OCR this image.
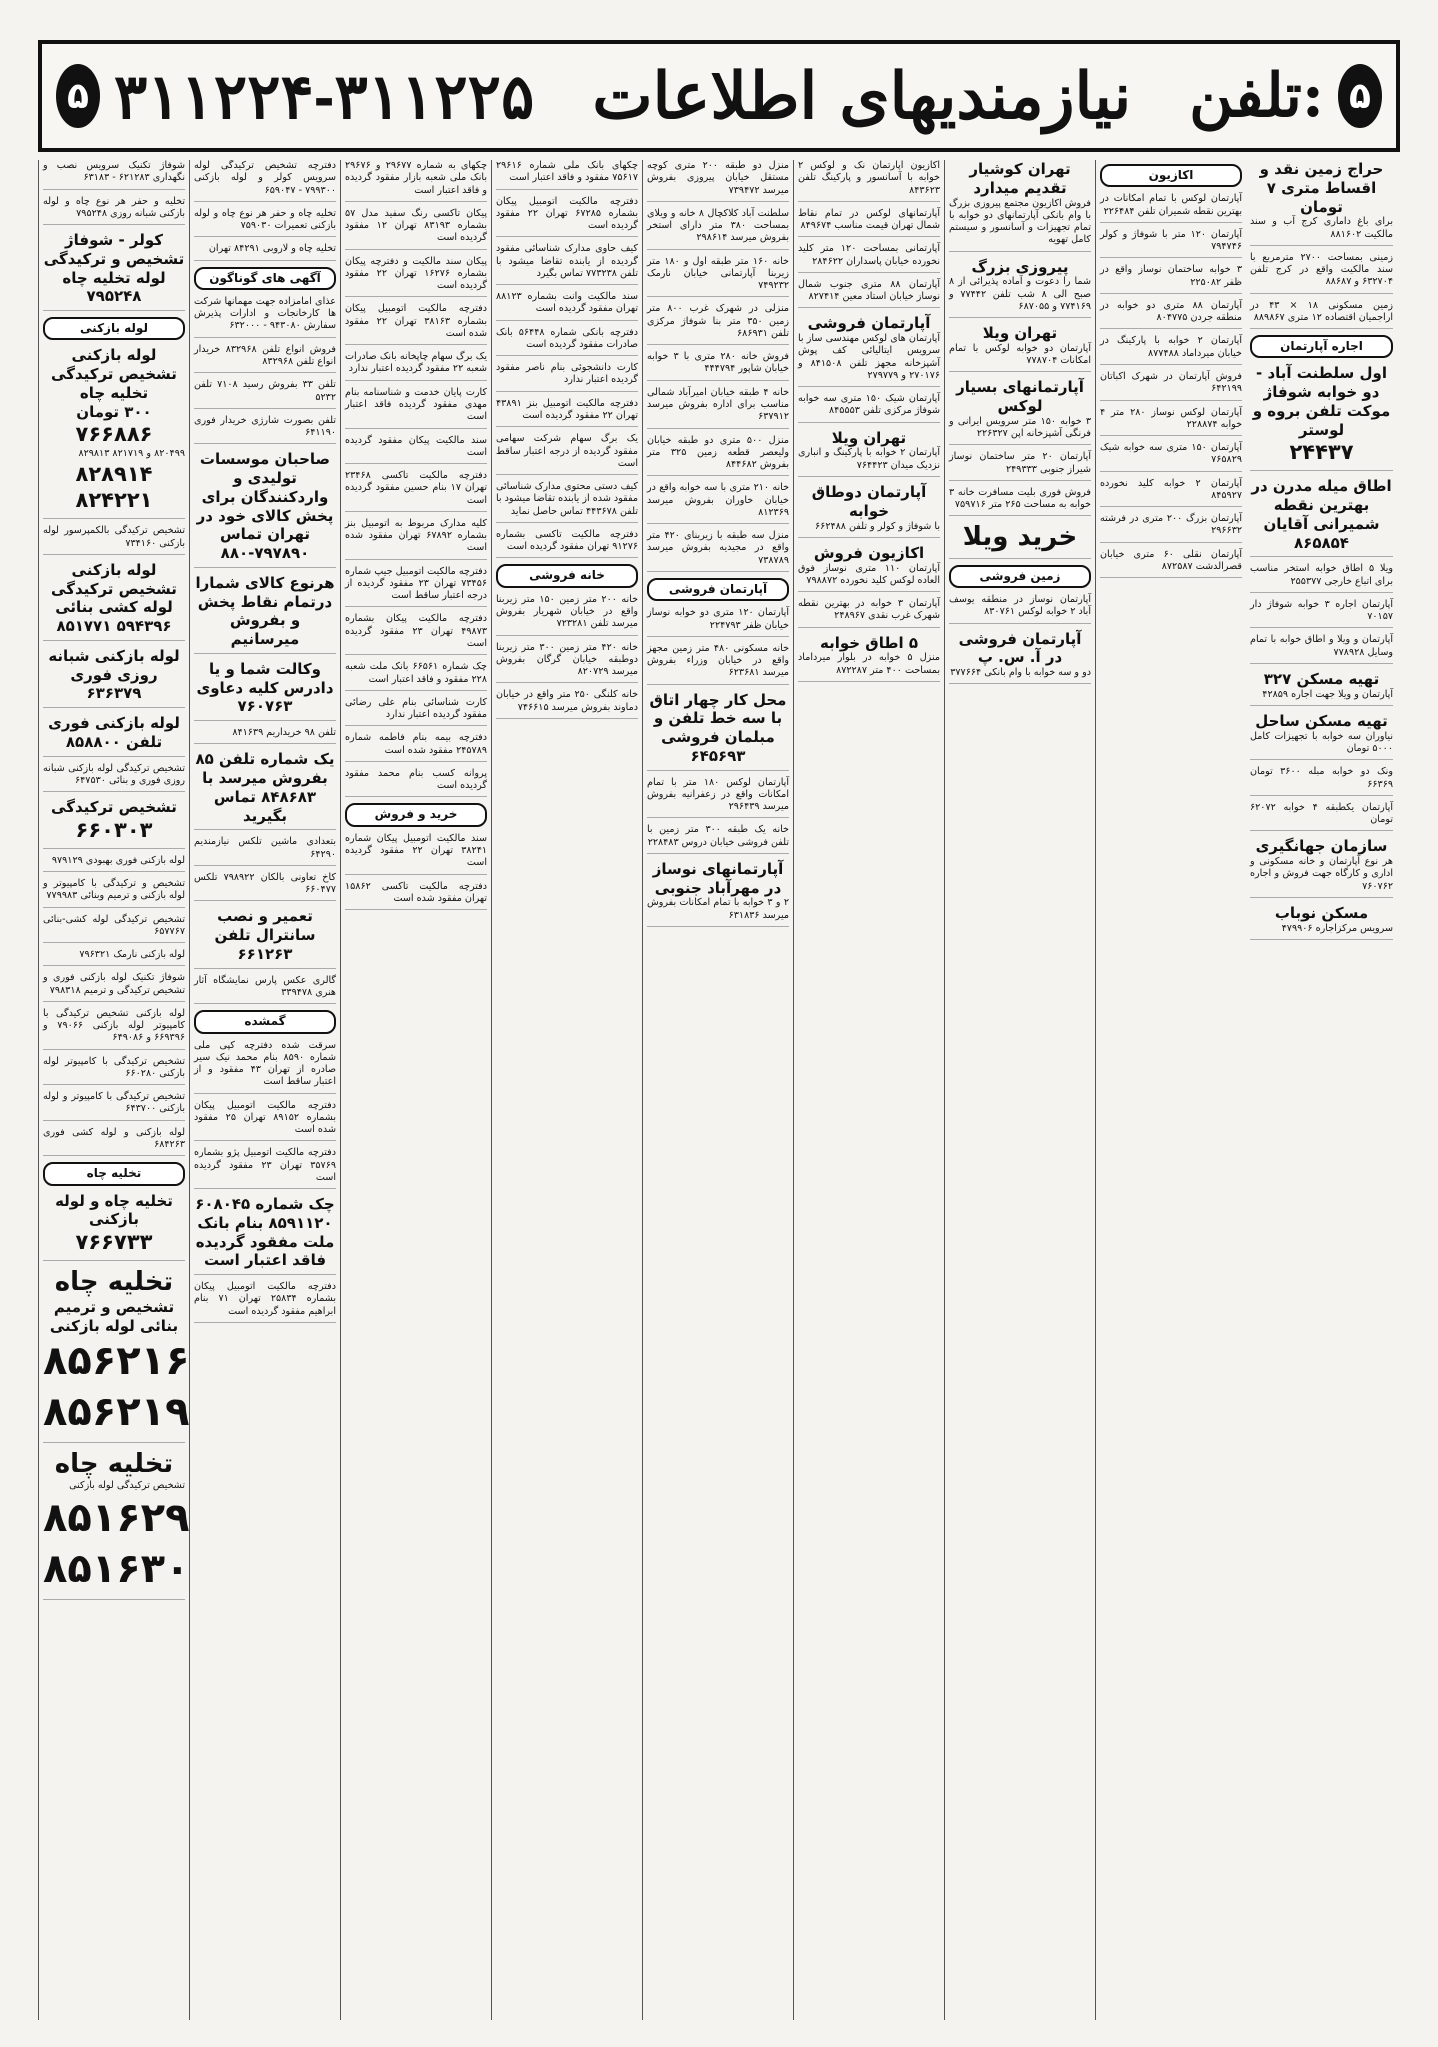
۵ ۳۱۱۲۲۴-۳۱۱۲۲۵ نیازمندیهای اطلاعات تلفن: ۵
شوفاژ تکنیک سرویس نصب و نگهداری ۶۲۱۲۸۳ - ۶۳۱۸۳
تخلیه و حفر هر نوع چاه و لوله بازکنی شبانه روزی ۷۹۵۲۴۸
کولر - شوفاژ تشخیص و ترکیدگی لوله تخلیه چاه ۷۹۵۲۴۸
لوله بازکنی
لوله بازکنی تشخیص ترکیدگی تخلیه چاه
۳۰۰ تومان
۷۶۶۸۸۶
۸۲۰۴۹۹ و ۸۲۱۷۱۹ ۸۲۹۸۱۳
۸۲۸۹۱۴
۸۲۴۲۲۱
تشخیص ترکیدگی بالکمپرسور لوله بازکنی ۷۳۴۱۶۰
لوله بازکنی تشخیص ترکیدگی لوله کشی بنائی ۵۹۴۳۹۶ ۸۵۱۷۷۱
لوله بازکنی شبانه روزی فوری ۶۳۶۳۷۹
لوله بازکنی فوری تلفن ۸۵۸۸۰۰
تشخیص ترکیدگی لوله بازکنی شبانه روزی فوری و بنائی ۶۴۷۵۳۰
تشخیص ترکیدگی
۶۶۰۳۰۳
لوله بازکنی فوری بهبودی ۹۷۹۱۲۹
تشخیص و ترکیدگی با کامپیوتر و لوله بازکنی و ترمیم وبنائی ۷۷۹۹۸۳
تشخیص ترکیدگی لوله کشی-بنائی ۶۵۷۷۶۷
لوله بازکنی نارمک ۷۹۶۳۲۱
شوفاژ تکنیک لوله بازکنی فوری و تشخیص ترکیدگی و ترمیم ۷۹۸۳۱۸
لوله بازکنی تشخیص ترکیدگی با کامپیوتر لوله بازکنی ۷۹۰۶۶ و ۶۶۹۳۹۶ و ۶۴۹۰۸۶
تشخیص ترکیدگی با کامپیوتر لوله بازکنی ۶۶۰۲۸۰
تشخیص ترکیدگی با کامپیوتر و لوله بازکنی ۶۴۳۷۰۰
لوله بازکنی و لوله کشی فوری ۶۸۴۲۶۳
تخلیه چاه
تخلیه چاه و لوله بازکنی
۷۶۶۷۳۳
تخلیه چاه
تشخیص و ترمیم بنائی لوله بازکنی
۸۵۶۲۱۶
۸۵۶۲۱۹
تخلیه چاه
تشخیص ترکیدگی لوله بازکنی
۸۵۱۶۲۹
۸۵۱۶۳۰
دفترچه تشخیص ترکیدگی لوله سرویس کولر و لوله بازکنی ۷۹۹۳۰۰ - ۶۵۹۰۴۷
تخلیه چاه و حفر هر نوع چاه و لوله بازکنی تعمیرات ۷۵۹۰۳۰
تخلیه چاه و لاروبی ۸۴۲۹۱ تهران
آگهی های گوناگون
عذای امامزاده جهت مهمانها شرکت ها کارخانجات و ادارات پذیرش سفارش ۹۴۳۰۸۰ - ۶۳۲۰۰۰
فروش انواع تلفن ۸۳۲۹۶۸ خریدار انواع تلفن ۸۳۲۹۶۸
تلفن ۳۳ بفروش رسید ۷۱۰۸ تلفن ۵۲۳۲
تلفن بصورت شارژی خریدار فوری ۶۴۱۱۹۰
صاحبان موسسات تولیدی و واردکنندگان برای پخش کالای خود در تهران تماس ۷۹۷۸۹۰-۸۸۰
هرنوع کالای شمارا درتمام نقاط پخش و بفروش میرسانیم
وکالت شما و یا دادرس کلیه دعاوی ۷۶۰۷۶۳
تلفن ۹۸ خریداریم ۸۴۱۶۳۹
یک شماره تلفن ۸۵ بفروش میرسد با ۸۴۸۶۸۳ تماس بگیرید
بتعدادی ماشین تلکس نیازمندیم ۶۴۲۹۰
کاخ تعاونی بالکان ۷۹۸۹۲۲ تلکس ۶۶۰۴۷۷
تعمیر و نصب سانترال تلفن ۶۶۱۲۶۳
گالری عکس پارس نمایشگاه آثار هنری ۳۳۹۴۷۸
گمشده
سرقت شده دفترچه کپی ملی شماره ۸۵۹۰ بنام محمد نیک سیر صادره از تهران ۴۳ مفقود و از اعتبار ساقط است
دفترچه مالکیت اتومبیل پیکان بشماره ۸۹۱۵۲ تهران ۲۵ مفقود شده است
دفترچه مالکیت اتومبیل پژو بشماره ۳۵۷۶۹ تهران ۲۳ مفقود گردیده است
چک شماره ۶۰۸۰۴۵ ۸۵۹۱۱۲۰ بنام بانک ملت مفقود گردیده فاقد اعتبار است
دفترچه مالکیت اتومبیل پیکان بشماره ۲۵۸۳۴ تهران ۷۱ بنام ابراهیم مفقود گردیده است
چکهای به شماره ۲۹۶۷۷ و ۲۹۶۷۶ بانک ملی شعبه بازار مفقود گردیده و فاقد اعتبار است
پیکان تاکسی رنگ سفید مدل ۵۷ بشماره ۸۳۱۹۳ تهران ۱۲ مفقود گردیده است
پیکان سند مالکیت و دفترچه پیکان بشماره ۱۶۲۷۶ تهران ۲۲ مفقود گردیده است
دفترچه مالکیت اتومبیل پیکان بشماره ۳۸۱۶۳ تهران ۲۲ مفقود شده است
یک برگ سهام چاپخانه بانک صادرات شعبه ۲۲ مفقود گردیده اعتبار ندارد
کارت پایان خدمت و شناسنامه بنام مهدی مفقود گردیده فاقد اعتبار است
سند مالکیت پیکان مفقود گردیده است
دفترچه مالکیت تاکسی ۲۳۴۶۸ تهران ۱۷ بنام حسین مفقود گردیده است
کلیه مدارک مربوط به اتومبیل بنز بشماره ۶۷۸۹۲ تهران مفقود شده است
دفترچه مالکیت اتومبیل جیپ شماره ۷۳۴۵۶ تهران ۲۳ مفقود گردیده از درجه اعتبار ساقط است
دفترچه مالکیت پیکان بشماره ۴۹۸۷۳ تهران ۲۳ مفقود گردیده است
چک شماره ۶۶۵۶۱ بانک ملت شعبه ۲۲۸ مفقود و فاقد اعتبار است
کارت شناسائی بنام علی رضائی مفقود گردیده اعتبار ندارد
دفترچه بیمه بنام فاطمه شماره ۲۴۵۷۸۹ مفقود شده است
پروانه کسب بنام محمد مفقود گردیده است
خرید و فروش
سند مالکیت اتومبیل پیکان شماره ۳۸۲۴۱ تهران ۲۲ مفقود گردیده است
دفترچه مالکیت تاکسی ۱۵۸۶۲ تهران مفقود شده است
چکهای بانک ملی شماره ۲۹۶۱۶ ۷۵۶۱۷ مفقود و فاقد اعتبار است
دفترچه مالکیت اتومبیل پیکان بشماره ۶۷۲۸۵ تهران ۲۲ مفقود گردیده است
کیف حاوی مدارک شناسائی مفقود گردیده از یابنده تقاضا میشود با تلفن ۷۷۳۲۳۸ تماس بگیرد
سند مالکیت وانت بشماره ۸۸۱۲۳ تهران مفقود گردیده است
دفترچه بانکی شماره ۵۶۴۴۸ بانک صادرات مفقود گردیده است
کارت دانشجوئی بنام ناصر مفقود گردیده اعتبار ندارد
دفترچه مالکیت اتومبیل بنز ۴۳۸۹۱ تهران ۲۲ مفقود گردیده است
یک برگ سهام شرکت سهامی مفقود گردیده از درجه اعتبار ساقط است
کیف دستی محتوی مدارک شناسائی مفقود شده از یابنده تقاضا میشود با تلفن ۴۴۳۶۷۸ تماس حاصل نماید
دفترچه مالکیت تاکسی بشماره ۹۱۲۷۶ تهران مفقود گردیده است
خانه فروشی
خانه ۲۰۰ متر زمین ۱۵۰ متر زیربنا واقع در خیابان شهریار بفروش میرسد تلفن ۷۲۳۲۸۱
خانه ۴۲۰ متر زمین ۳۰۰ متر زیربنا دوطبقه خیابان گرگان بفروش میرسد ۸۲۰۷۲۹
خانه کلنگی ۲۵۰ متر واقع در خیابان دماوند بفروش میرسد ۷۴۶۶۱۵
منزل دو طبقه ۲۰۰ متری کوچه مستقل خیابان پیروزی بفروش میرسد ۷۳۹۴۷۲
سلطنت آباد کلاکچال ۸ خانه و ویلای بمساحت ۳۸۰ متر دارای استخر بفروش میرسد ۲۹۸۶۱۴
خانه ۱۶۰ متر طبقه اول و ۱۸۰ متر زیربنا آپارتمانی خیابان نارمک ۷۴۹۲۳۲
منزلی در شهرک غرب ۸۰۰ متر زمین ۳۵۰ متر بنا شوفاژ مرکزی تلفن ۶۸۶۹۳۱
فروش خانه ۲۸۰ متری با ۳ خوابه خیابان شاپور ۴۴۴۷۹۴
خانه ۴ طبقه خیابان امیرآباد شمالی مناسب برای اداره بفروش میرسد ۶۳۷۹۱۲
منزل ۵۰۰ متری دو طبقه خیابان ولیعصر قطعه زمین ۳۲۵ متر بفروش ۸۴۴۶۸۲
خانه ۲۱۰ متری با سه خوابه واقع در خیابان خاوران بفروش میرسد ۸۱۲۳۶۹
منزل سه طبقه با زیربنای ۴۲۰ متر واقع در مجیدیه بفروش میرسد ۷۳۸۷۸۹
آپارتمان فروشی
آپارتمان ۱۲۰ متری دو خوابه نوساز خیابان ظفر ۲۲۴۷۹۳
خانه مسکونی ۴۸۰ متر زمین مجهز واقع در خیابان وزراء بفروش میرسد ۶۲۳۶۸۱
محل کار چهار اتاق با سه خط تلفن و مبلمان فروشی ۶۴۵۶۹۳
آپارتمان لوکس ۱۸۰ متر با تمام امکانات واقع در زعفرانیه بفروش میرسد ۲۹۶۴۳۹
خانه یک طبقه ۳۰۰ متر زمین با تلفن فروشی خیابان دروس ۲۲۸۴۸۳
آپارتمانهای نوساز در مهرآباد جنوبی
۲ و ۳ خوابه با تمام امکانات بفروش میرسد ۶۳۱۸۳۶
اکازیون آپارتمان نک و لوکس ۲ خوابه با آسانسور و پارکینگ تلفن ۸۴۳۶۲۳
آپارتمانهای لوکس در تمام نقاط شمال تهران قیمت مناسب ۸۴۹۶۷۴
آپارتمانی بمساحت ۱۲۰ متر کلید نخورده خیابان پاسداران ۲۸۴۶۲۲
آپارتمان ۸۸ متری جنوب شمال نوساز خیابان استاد معین ۸۲۷۴۱۴
آپارتمان فروشی
آپارتمان های لوکس مهندسی ساز با سرویس ایتالیائی کف پوش آشپزخانه مجهز تلفن ۸۴۱۵۰۸ و ۲۷۰۱۷۶ و ۲۷۹۷۷۹
آپارتمان شیک ۱۵۰ متری سه خوابه شوفاژ مرکزی تلفن ۸۴۵۵۵۳
تهران ویلا
آپارتمان ۲ خوابه با پارکینگ و انباری نزدیک میدان ۷۶۴۴۲۳
آپارتمان دوطاق خوابه
با شوفاژ و کولر و تلفن ۶۶۲۴۸۸
اکازیون فروش
آپارتمان ۱۱۰ متری نوساز فوق العاده لوکس کلید نخورده ۷۹۸۸۷۲
آپارتمان ۳ خوابه در بهترین نقطه شهرک غرب نقدی ۲۴۸۹۶۷
۵ اطاق خوابه
منزل ۵ خوابه در بلوار میرداماد بمساحت ۴۰۰ متر ۸۷۲۲۸۷
تهران کوشیار تقدیم میدارد
فروش اکازیون مجتمع پیروزی بزرگ با وام بانکی آپارتمانهای دو خوابه با تمام تجهیزات و آسانسور و سیستم کامل تهویه
پیروزی بزرگ
شما را دعوت و آماده پذیرائی از ۸ صبح الی ۸ شب تلفن ۷۷۴۴۲ و ۷۷۴۱۶۹ و ۶۸۷۰۵۵
تهران ویلا
آپارتمان دو خوابه لوکس با تمام امکانات ۷۷۸۷۰۴
آپارتمانهای بسیار لوکس
۳ خوابه ۱۵۰ متر سرویس ایرانی و فرنگی آشپزخانه اپن ۲۲۶۳۲۷
آپارتمان ۲۰ متر ساختمان نوساز شیراز جنوبی ۲۴۹۳۳۳
فروش فوری بلیت مسافرت خانه ۳ خوابه به مساحت ۲۶۵ متر ۷۵۹۷۱۶
خرید ویلا
زمین فروشی
آپارتمان نوساز در منطقه یوسف آباد ۲ خوابه لوکس ۸۳۰۷۶۱
آپارتمان فروشی در آ. س. پ
دو و سه خوابه با وام بانکی ۳۷۷۶۶۴
اکازیون
آپارتمان لوکس با تمام امکانات در بهترین نقطه شمیران تلفن ۲۲۶۴۸۴
آپارتمان ۱۲۰ متر با شوفاژ و کولر ۷۹۴۷۴۶
۳ خوابه ساختمان نوساز واقع در ظفر ۲۲۵۰۸۲
آپارتمان ۸۸ متری دو خوابه در منطقه جردن ۸۰۴۷۷۵
آپارتمان ۲ خوابه با پارکینگ در خیابان میرداماد ۸۷۷۴۸۸
فروش آپارتمان در شهرک اکباتان ۶۴۲۱۹۹
آپارتمان لوکس نوساز ۲۸۰ متر ۴ خوابه ۲۲۸۸۷۴
آپارتمان ۱۵۰ متری سه خوابه شیک ۷۶۵۸۲۹
آپارتمان ۲ خوابه کلید نخورده ۸۴۵۹۲۷
آپارتمان بزرگ ۲۰۰ متری در فرشته ۲۹۶۶۳۲
آپارتمان نقلی ۶۰ متری خیابان قصرالدشت ۸۷۲۵۸۷
حراج زمین نقد و اقساط متری ۷ تومان
برای باغ داماری کرج آب و سند مالکیت ۸۸۱۶۰۲
زمینی بمساحت ۲۷۰۰ مترمربع با سند مالکیت واقع در کرج تلفن ۶۳۲۷۰۴ و ۸۸۶۸۷
زمین مسکونی ۱۸ × ۴۳ در اراجمیان اقتصاده ۱۲ متری ۸۸۹۸۶۷
اجاره آپارتمان
اول سلطنت آباد - دو خوابه شوفاژ موکت تلفن بروه و لوستر
۲۴۴۳۷
اطاق میله مدرن در بهترین نقطه شمیرانی آقایان ۸۶۵۸۵۴
ویلا ۵ اطاق خوابه استخر مناسب برای اتباع خارجی ۲۵۵۳۷۷
آپارتمان اجاره ۳ خوابه شوفاژ دار ۷۰۱۵۷
آپارتمان و ویلا و اطاق خوابه با تمام وسایل ۷۷۸۹۲۸
تهیه مسکن ۳۲۷
آپارتمان و ویلا جهت اجاره ۴۲۸۵۹
تهیه مسکن ساحل
نیاوران سه خوابه با تجهیزات کامل ۵۰۰۰ تومان
ونک دو خوابه مبله ۳۶۰۰ تومان ۶۶۳۶۹
آپارتمان یکطبقه ۴ خوابه ۶۲۰۷۲ تومان
سازمان جهانگیری
هر نوع آپارتمان و خانه مسکونی و اداری و کارگاه جهت فروش و اجاره ۷۶۰۷۶۲
مسکن نوباب
سرویس مرکزاجاره ۴۷۹۹۰۶
